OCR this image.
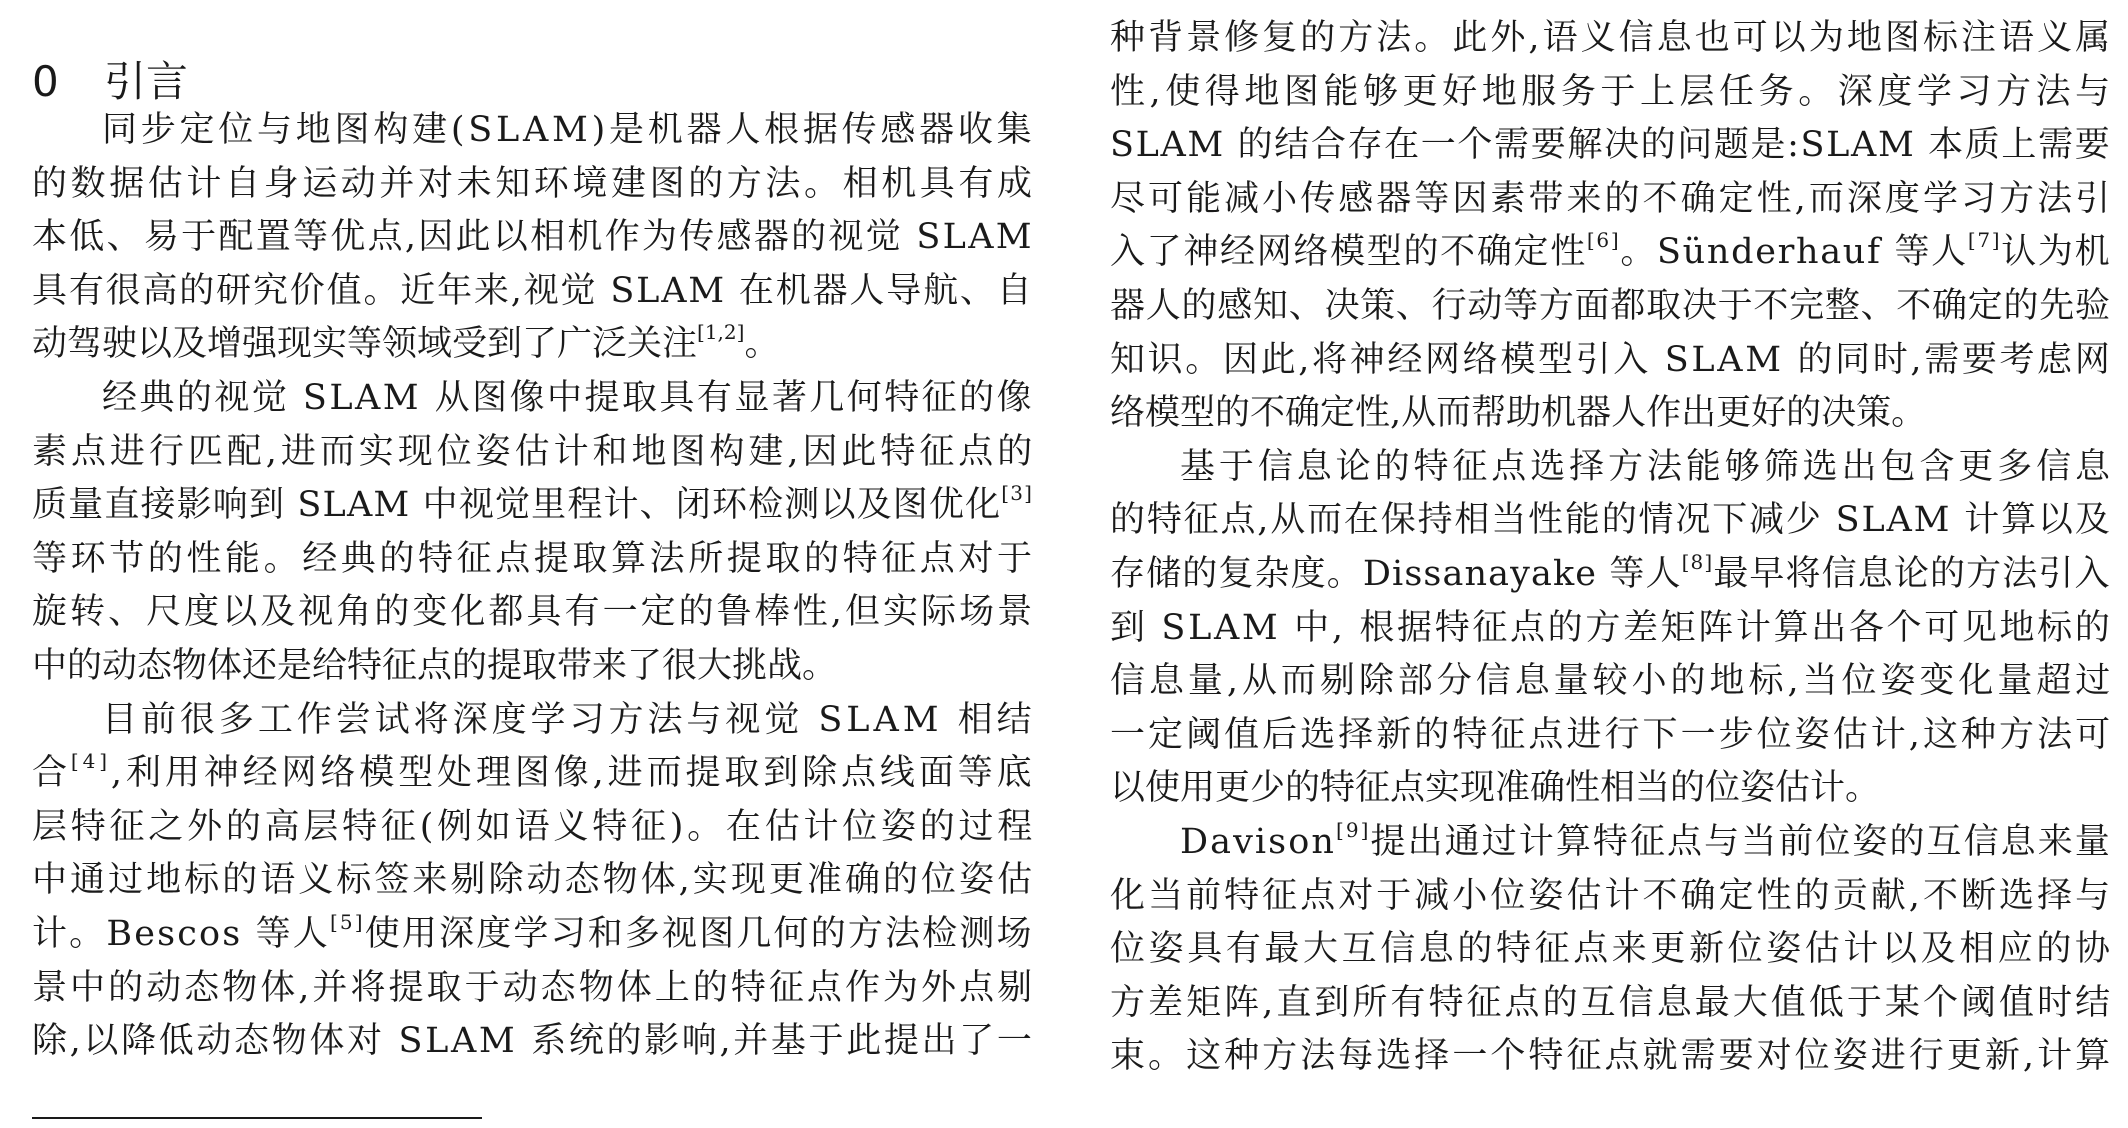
0 引言
同步定位与地图构建(SLAM)是机器人根据传感器收集
的数据估计自身运动并对未知环境建图的方法。相机具有成
本低、易于配置等优点,因此以相机作为传感器的视觉 SLAM
具有很高的研究价值。近年来,视觉 SLAM 在机器人导航、自
动驾驶以及增强现实等领域受到了广泛关注[1,2]。
经典的视觉 SLAM 从图像中提取具有显著几何特征的像
素点进行匹配,进而实现位姿估计和地图构建,因此特征点的
质量直接影响到 SLAM 中视觉里程计、闭环检测以及图优化[3]
等环节的性能。经典的特征点提取算法所提取的特征点对于
旋转、尺度以及视角的变化都具有一定的鲁棒性,但实际场景
中的动态物体还是给特征点的提取带来了很大挑战。
目前很多工作尝试将深度学习方法与视觉 SLAM 相结
合[4],利用神经网络模型处理图像,进而提取到除点线面等底
层特征之外的高层特征(例如语义特征)。在估计位姿的过程
中通过地标的语义标签来剔除动态物体,实现更准确的位姿估
计。Bescos 等人[5]使用深度学习和多视图几何的方法检测场
景中的动态物体,并将提取于动态物体上的特征点作为外点剔
除,以降低动态物体对 SLAM 系统的影响,并基于此提出了一
种背景修复的方法。此外,语义信息也可以为地图标注语义属
性,使得地图能够更好地服务于上层任务。深度学习方法与
SLAM 的结合存在一个需要解决的问题是:SLAM 本质上需要
尽可能减小传感器等因素带来的不确定性,而深度学习方法引
入了神经网络模型的不确定性[6]。Sünderhauf 等人[7]认为机
器人的感知、决策、行动等方面都取决于不完整、不确定的先验
知识。因此,将神经网络模型引入 SLAM 的同时,需要考虑网
络模型的不确定性,从而帮助机器人作出更好的决策。
基于信息论的特征点选择方法能够筛选出包含更多信息
的特征点,从而在保持相当性能的情况下减少 SLAM 计算以及
存储的复杂度。Dissanayake 等人[8]最早将信息论的方法引入
到 SLAM 中, 根据特征点的方差矩阵计算出各个可见地标的
信息量,从而剔除部分信息量较小的地标,当位姿变化量超过
一定阈值后选择新的特征点进行下一步位姿估计,这种方法可
以使用更少的特征点实现准确性相当的位姿估计。
Davison[9]提出通过计算特征点与当前位姿的互信息来量
化当前特征点对于减小位姿估计不确定性的贡献,不断选择与
位姿具有最大互信息的特征点来更新位姿估计以及相应的协
方差矩阵,直到所有特征点的互信息最大值低于某个阈值时结
束。这种方法每选择一个特征点就需要对位姿进行更新,计算
